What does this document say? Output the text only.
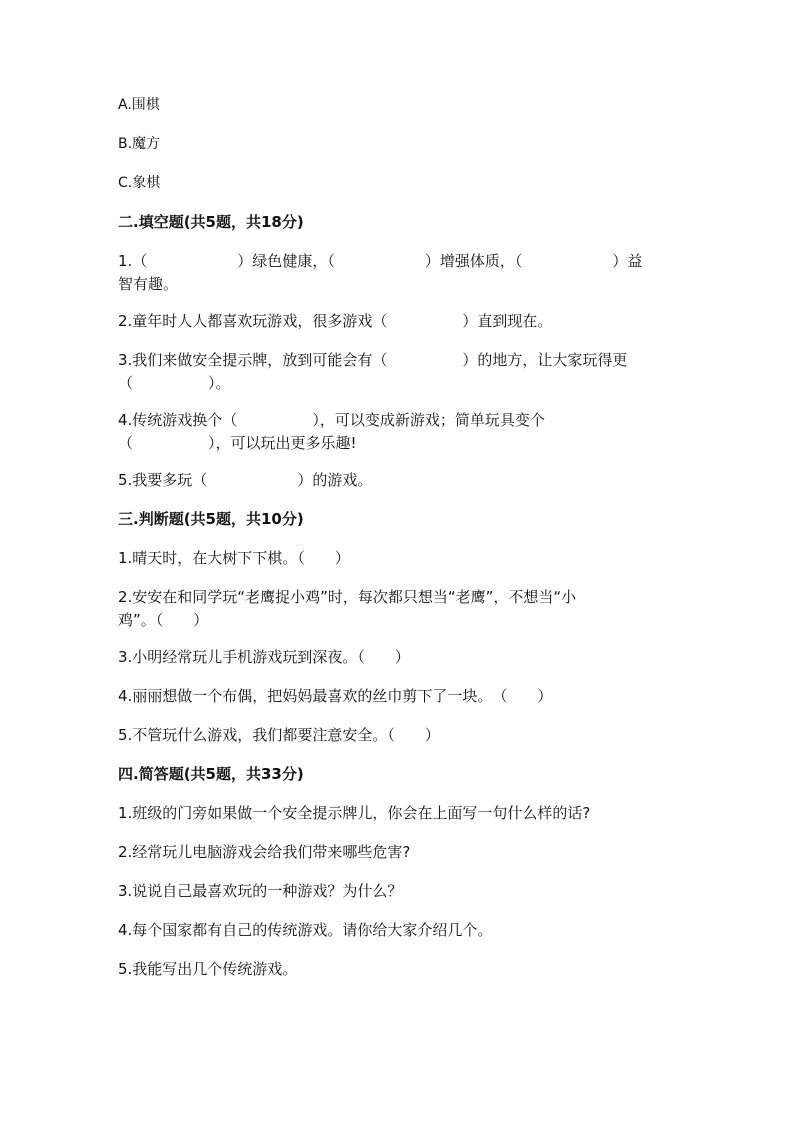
A.围棋
B.魔方
C.象棋
二.填空题(共5题，共18分)
1.（　　　　　　）绿色健康，（　　　　　　）增强体质，（　　　　　　）益
智有趣。
2.童年时人人都喜欢玩游戏，很多游戏（　　　　　）直到现在。
3.我们来做安全提示牌，放到可能会有（　　　　　）的地方，让大家玩得更
（　　　　　）。
4.传统游戏换个（　　　　　），可以变成新游戏；简单玩具变个
（　　　　　），可以玩出更多乐趣!
5.我要多玩（　　　　　　）的游戏。
三.判断题(共5题，共10分)
1.晴天时，在大树下下棋。（　　）
2.安安在和同学玩“老鹰捉小鸡”时，每次都只想当“老鹰”，不想当“小
鸡”。（　　）
3.小明经常玩儿手机游戏玩到深夜。（　　）
4.丽丽想做一个布偶，把妈妈最喜欢的丝巾剪下了一块。　（　　）
5.不管玩什么游戏，我们都要注意安全。（　　）
四.简答题(共5题，共33分)
1.班级的门旁如果做一个安全提示牌儿，你会在上面写一句什么样的话?
2.经常玩儿电脑游戏会给我们带来哪些危害?
3.说说自己最喜欢玩的一种游戏？为什么？
4.每个国家都有自己的传统游戏。请你给大家介绍几个。
5.我能写出几个传统游戏。
